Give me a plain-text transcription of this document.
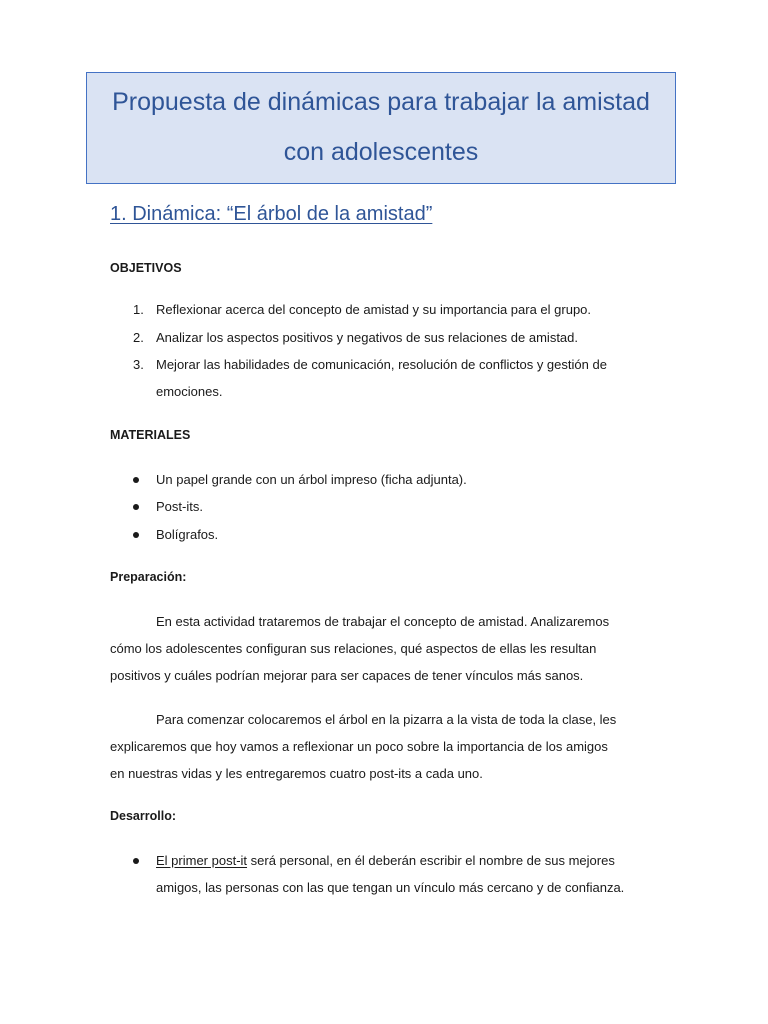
Propuesta de dinámicas para trabajar la amistad
con adolescentes
1. Dinámica: “El árbol de la amistad”
OBJETIVOS
1. Reflexionar acerca del concepto de amistad y su importancia para el grupo.
2. Analizar los aspectos positivos y negativos de sus relaciones de amistad.
3. Mejorar las habilidades de comunicación, resolución de conflictos y gestión de
emociones.
MATERIALES
Un papel grande con un árbol impreso (ficha adjunta).
Post-its.
Bolígrafos.
Preparación:
En esta actividad trataremos de trabajar el concepto de amistad. Analizaremos
cómo los adolescentes configuran sus relaciones, qué aspectos de ellas les resultan
positivos y cuáles podrían mejorar para ser capaces de tener vínculos más sanos.
Para comenzar colocaremos el árbol en la pizarra a la vista de toda la clase, les
explicaremos que hoy vamos a reflexionar un poco sobre la importancia de los amigos
en nuestras vidas y les entregaremos cuatro post-its a cada uno.
Desarrollo:
El primer post-it será personal, en él deberán escribir el nombre de sus mejores
amigos, las personas con las que tengan un vínculo más cercano y de confianza.
